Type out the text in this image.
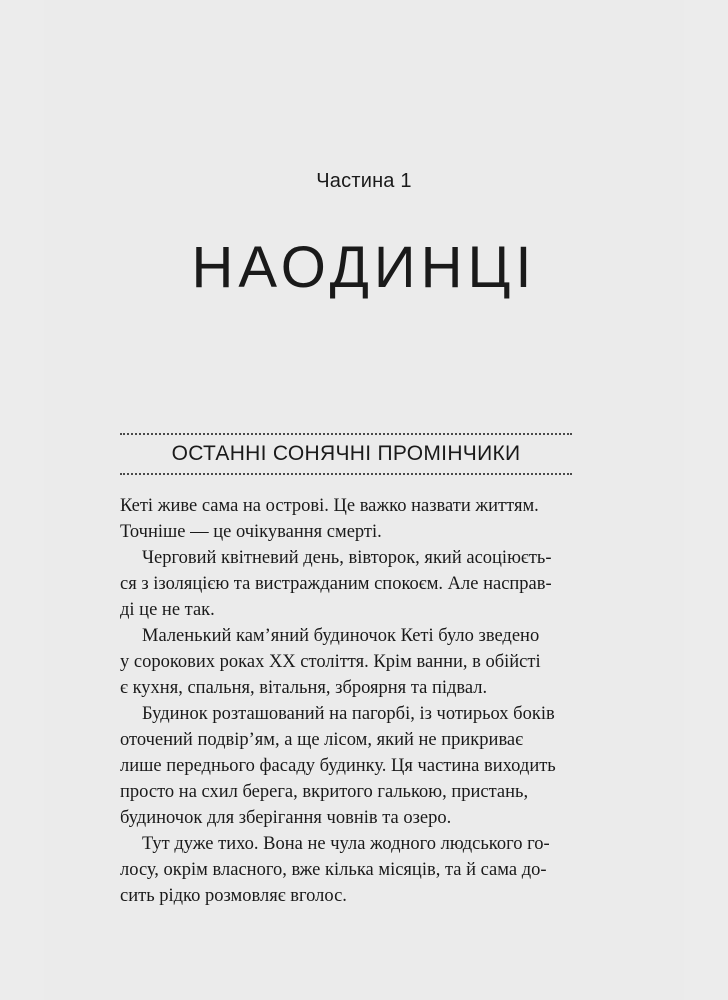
Частина 1
НАОДИНЦІ
ОСТАННІ СОНЯЧНІ ПРОМІНЧИКИ
Кеті живе сама на острові. Це важко назвати життям.
Точніше — це очікування смерті.
Черговий квітневий день, вівторок, який асоціюєть-
ся з ізоляцією та вистражданим спокоєм. Але насправ-
ді це не так.
Маленький кам’яний будиночок Кеті було зведено
у сорокових роках XX століття. Крім ванни, в обійсті
є кухня, спальня, вітальня, зброярня та підвал.
Будинок розташований на пагорбі, із чотирьох боків
оточений подвір’ям, а ще лісом, який не прикриває
лише переднього фасаду будинку. Ця частина виходить
просто на схил берега, вкритого галькою, пристань,
будиночок для зберігання човнів та озеро.
Тут дуже тихо. Вона не чула жодного людського го-
лосу, окрім власного, вже кілька місяців, та й сама до-
сить рідко розмовляє вголос.
